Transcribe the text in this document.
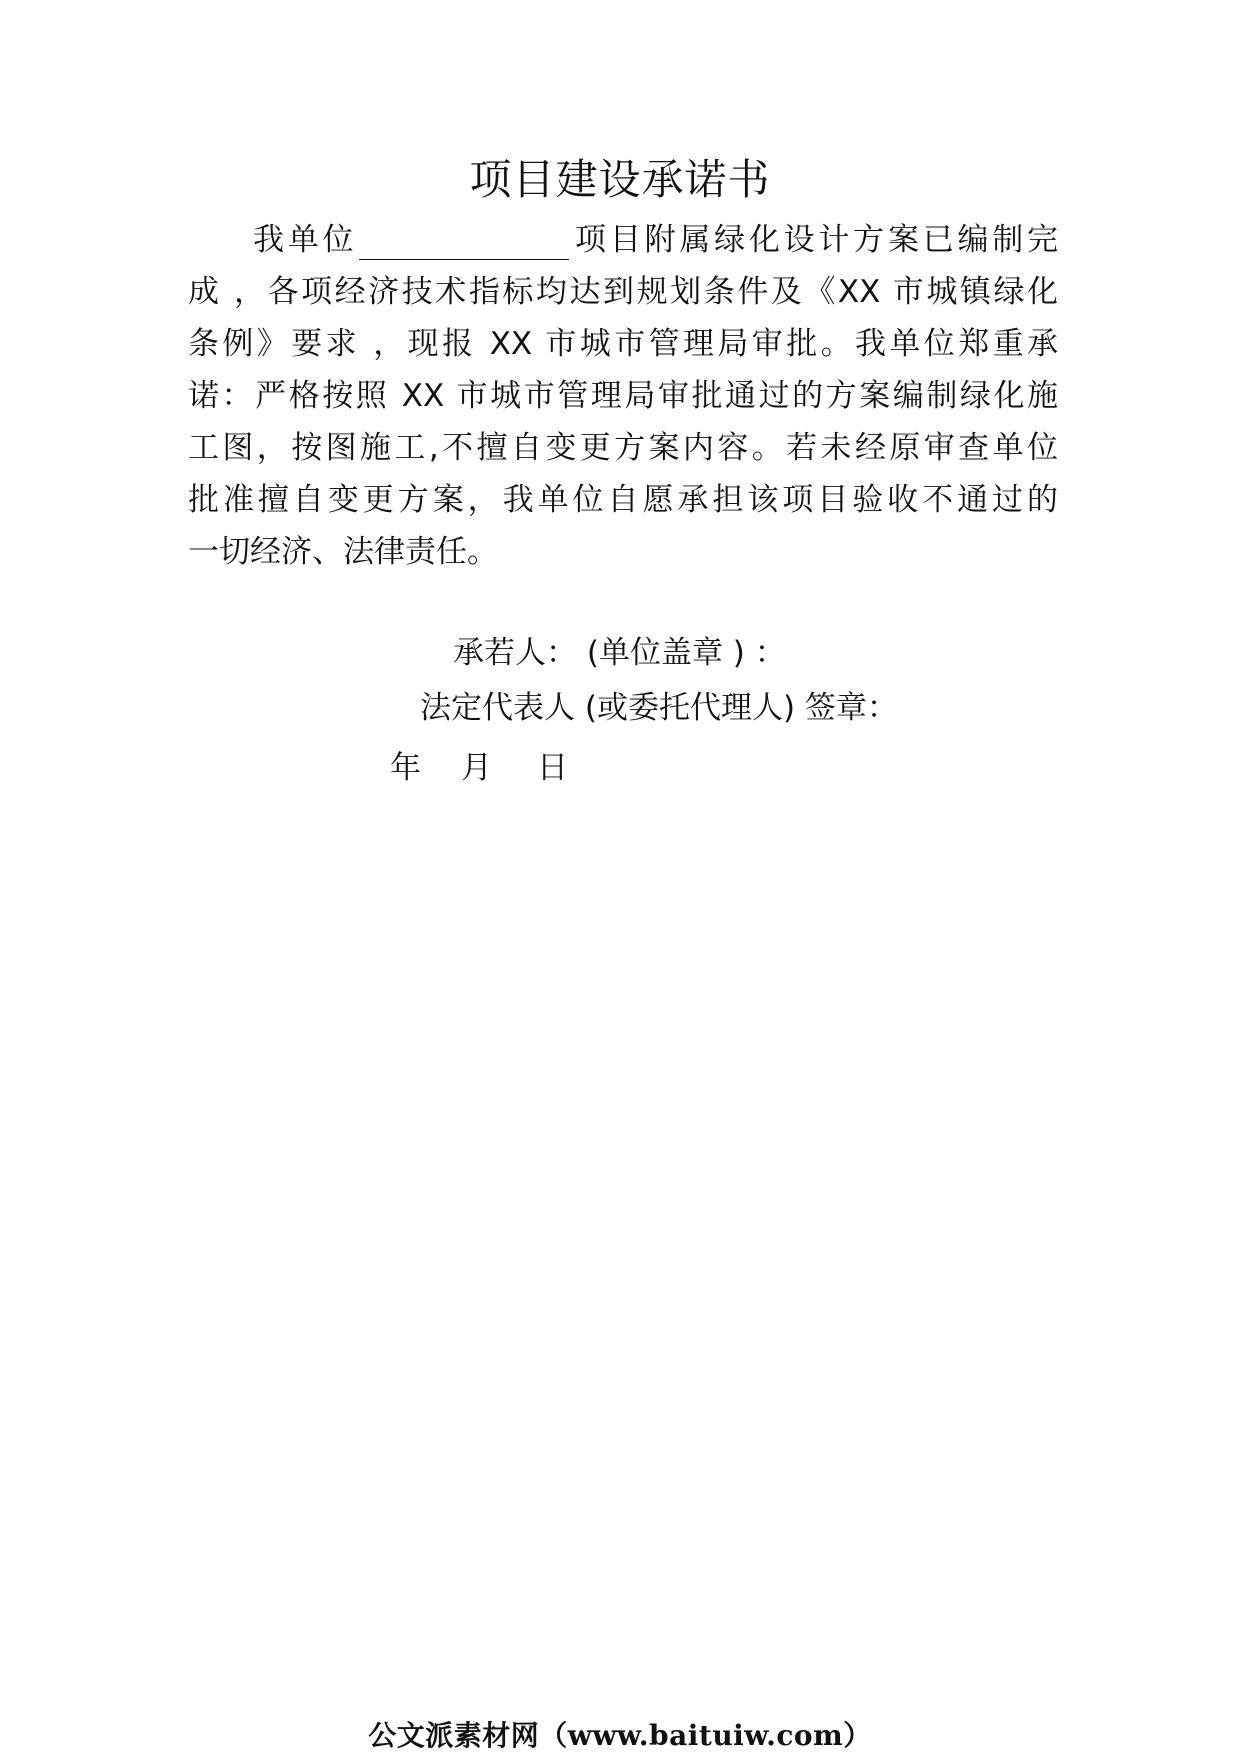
项目建设承诺书
我单位	项目附属绿化设计方案已编制完
成 ，各项经济技术指标均达到规划条件及《XX 市城镇绿化
条例》要求 ，现报 XX 市城市管理局审批。我单位郑重承
诺：严格按照 XX 市城市管理局审批通过的方案编制绿化施
工图，按图施工,不擅自变更方案内容。若未经原审查单位
批准擅自变更方案，我单位自愿承担该项目验收不通过的
一切经济、法律责任。
承若人： (单位盖章 ) ：
法定代表人 (或委托代理人) 签章：
年 月 日
公文派素材网（www.baituiw.com）
